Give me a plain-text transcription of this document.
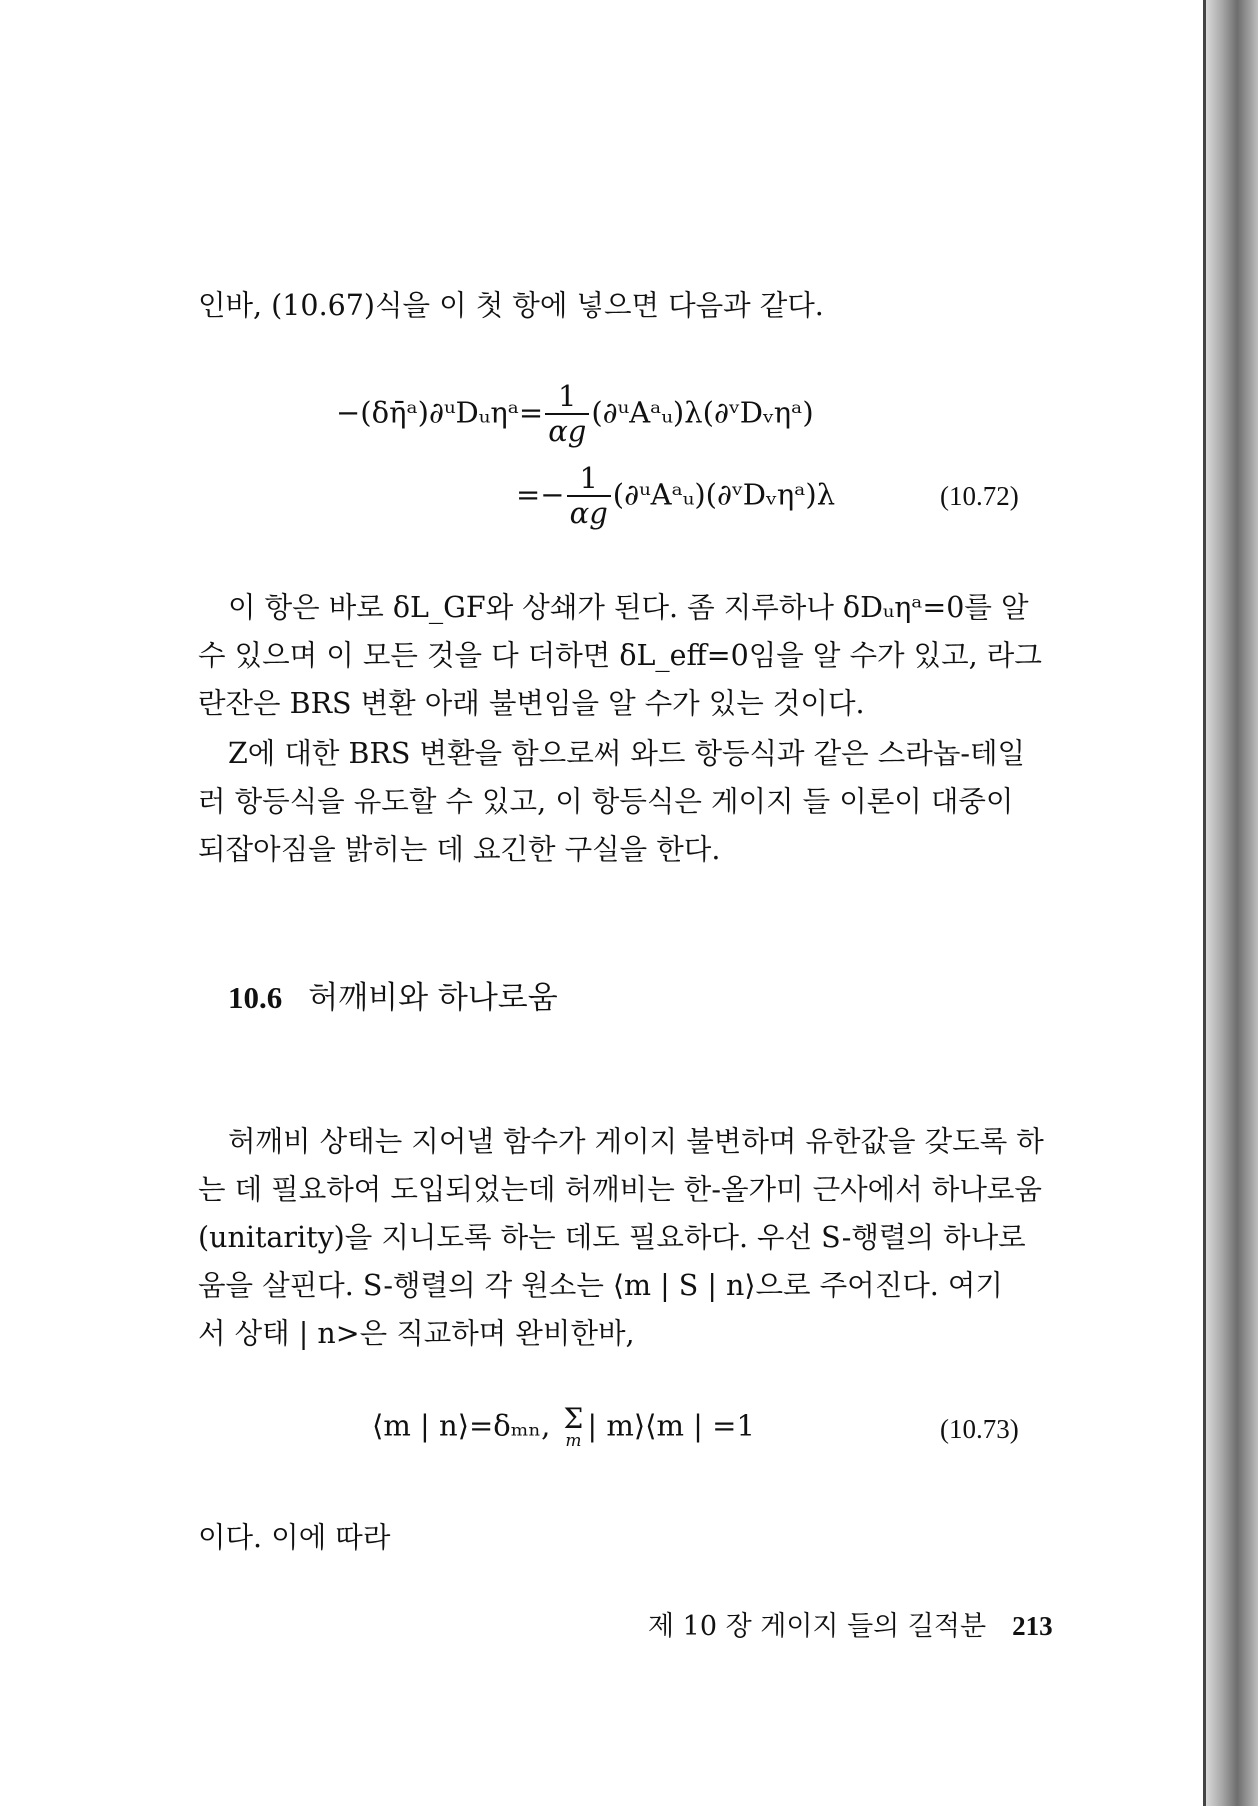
인바, (10.67)식을 이 첫 항에 넣으면 다음과 같다.
−(δη̄ᵃ)∂ᵘDᵤηᵃ= $\frac{1}{\alpha g}$ (∂ᵘAᵃᵤ)λ(∂ᵛDᵥηᵃ)
=− $\frac{1}{\alpha g}$ (∂ᵘAᵃᵤ)(∂ᵛDᵥηᵃ)λ	(10.72)
이 항은 바로 δL_GF와 상쇄가 된다. 좀 지루하나 δDᵤηᵃ=0를 알
수 있으며 이 모든 것을 다 더하면 δL_eff=0임을 알 수가 있고, 라그
란잔은 BRS 변환 아래 불변임을 알 수가 있는 것이다.
Z에 대한 BRS 변환을 함으로써 와드 항등식과 같은 스라놉-테일
러 항등식을 유도할 수 있고, 이 항등식은 게이지 들 이론이 대중이
되잡아짐을 밝히는 데 요긴한 구실을 한다.
10.6 허깨비와 하나로움
허깨비 상태는 지어낼 함수가 게이지 불변하며 유한값을 갖도록 하
는 데 필요하여 도입되었는데 허깨비는 한-올가미 근사에서 하나로움
(unitarity)을 지니도록 하는 데도 필요하다. 우선 S-행렬의 하나로
움을 살핀다. S-행렬의 각 원소는 ⟨m | S | n⟩으로 주어진다. 여기
서 상태 | n>은 직교하며 완비한바,
⟨m | n⟩=δₘₙ, Σ
m | m⟩⟨m | =1	(10.73)
이다. 이에 따라
제 10 장 게이지 들의 길적분 213
